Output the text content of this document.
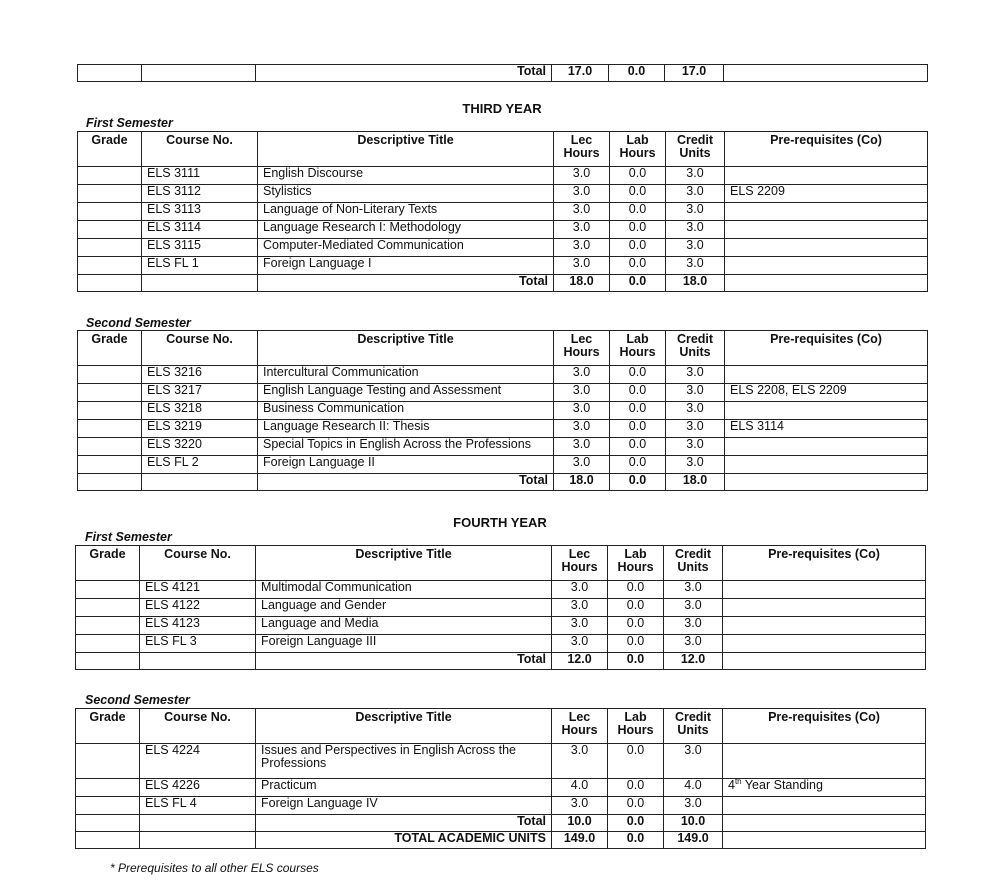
		Total	17.0	0.0	17.0	
THIRD YEAR
First Semester
Grade	Course No.	Descriptive Title	Lec Hours	Lab Hours	Credit Units	Pre-requisites (Co)
	ELS 3111	English Discourse	3.0	0.0	3.0	
	ELS 3112	Stylistics	3.0	0.0	3.0	ELS 2209
	ELS 3113	Language of Non-Literary Texts	3.0	0.0	3.0	
	ELS 3114	Language Research I: Methodology	3.0	0.0	3.0	
	ELS 3115	Computer-Mediated Communication	3.0	0.0	3.0	
	ELS FL 1	Foreign Language I	3.0	0.0	3.0	
		Total	18.0	0.0	18.0	
Second Semester
Grade	Course No.	Descriptive Title	Lec Hours	Lab Hours	Credit Units	Pre-requisites (Co)
	ELS 3216	Intercultural Communication	3.0	0.0	3.0	
	ELS 3217	English Language Testing and Assessment	3.0	0.0	3.0	ELS 2208, ELS 2209
	ELS 3218	Business Communication	3.0	0.0	3.0	
	ELS 3219	Language Research II: Thesis	3.0	0.0	3.0	ELS 3114
	ELS 3220	Special Topics in English Across the Professions	3.0	0.0	3.0	
	ELS FL 2	Foreign Language II	3.0	0.0	3.0	
		Total	18.0	0.0	18.0	
FOURTH YEAR
First Semester
Grade	Course No.	Descriptive Title	Lec Hours	Lab Hours	Credit Units	Pre-requisites (Co)
	ELS 4121	Multimodal Communication	3.0	0.0	3.0	
	ELS 4122	Language and Gender	3.0	0.0	3.0	
	ELS 4123	Language and Media	3.0	0.0	3.0	
	ELS FL 3	Foreign Language III	3.0	0.0	3.0	
		Total	12.0	0.0	12.0	
Second Semester
Grade	Course No.	Descriptive Title	Lec Hours	Lab Hours	Credit Units	Pre-requisites (Co)
	ELS 4224	Issues and Perspectives in English Across the Professions	3.0	0.0	3.0	
	ELS 4226	Practicum	4.0	0.0	4.0	4th Year Standing
	ELS FL 4	Foreign Language IV	3.0	0.0	3.0	
		Total	10.0	0.0	10.0	
		TOTAL ACADEMIC UNITS	149.0	0.0	149.0	
* Prerequisites to all other ELS courses
